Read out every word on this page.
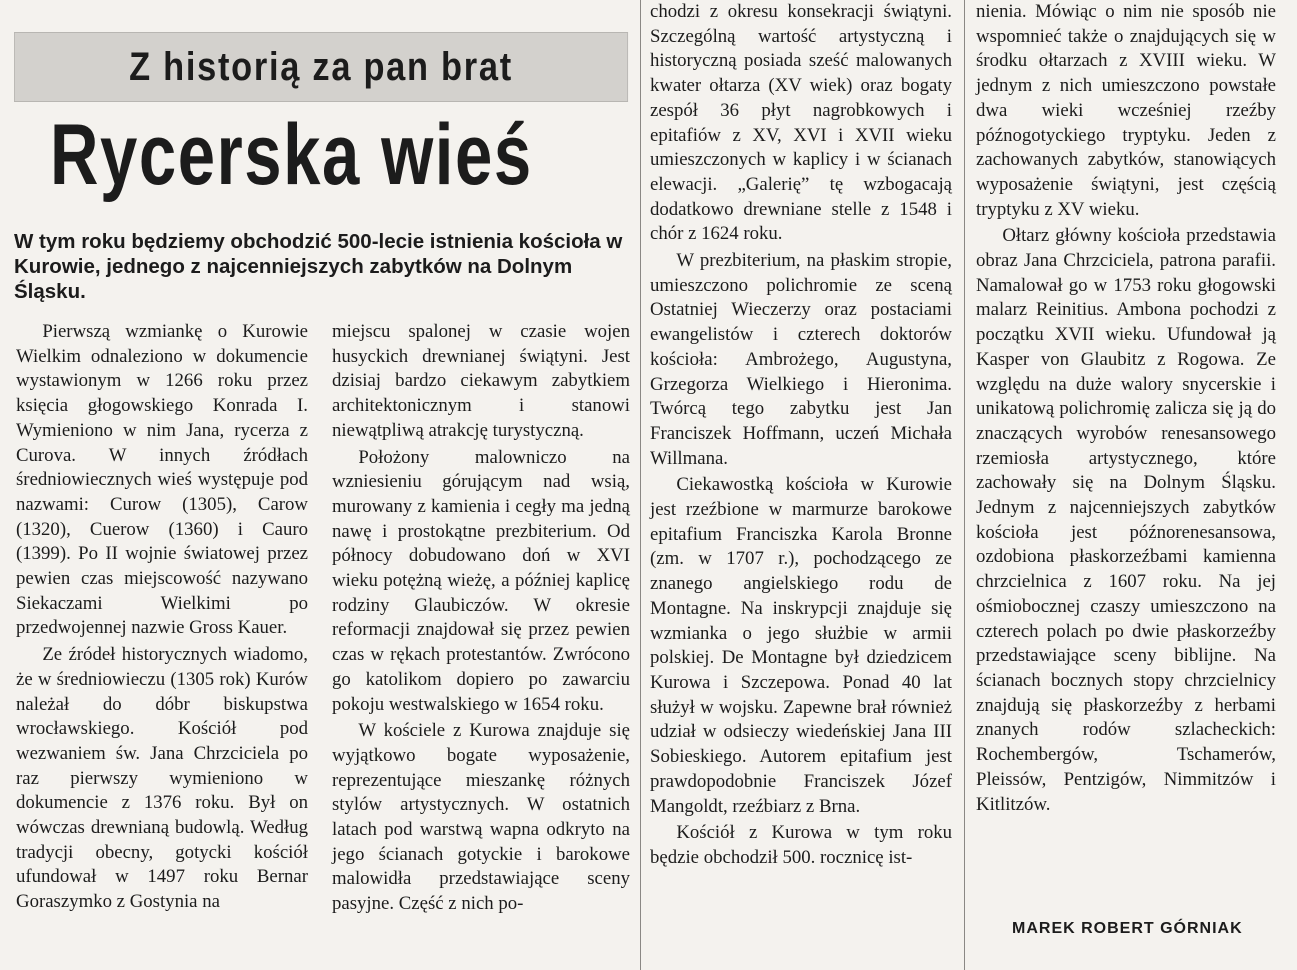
Z historią za pan brat
Rycerska wieś
W tym roku będziemy obchodzić 500-lecie istnienia kościoła w Kurowie, jednego z najcenniejszych zabytków na Dolnym Śląsku.

Pierwszą wzmiankę o Kurowie Wielkim odnaleziono w dokumencie wystawionym w 1266 roku przez księcia głogowskiego Konrada I. Wymieniono w nim Jana, rycerza z Curova. W innych źródłach średniowiecznych wieś występuje pod nazwami: Curow (1305), Carow (1320), Cuerow (1360) i Cauro (1399). Po II wojnie światowej przez pewien czas miejscowość nazywano Siekaczami Wielkimi po przedwojennej nazwie Gross Kauer.

Ze źródeł historycznych wiadomo, że w średniowieczu (1305 rok) Kurów należał do dóbr biskupstwa wrocławskiego. Kościół pod wezwaniem św. Jana Chrzciciela po raz pierwszy wymieniono w dokumencie z 1376 roku. Był on wówczas drewnianą budowlą. Według tradycji obecny, gotycki kościół ufundował w 1497 roku Bernar Goraszymko z Gostynia na

miejscu spalonej w czasie wojen husyckich drewnianej świątyni. Jest dzisiaj bardzo ciekawym zabytkiem architektonicznym i stanowi niewątpliwą atrakcję turystyczną.

Położony malowniczo na wzniesieniu górującym nad wsią, murowany z kamienia i cegły ma jedną nawę i prostokątne prezbiterium. Od północy dobudowano doń w XVI wieku potężną wieżę, a później kaplicę rodziny Glaubiczów. W okresie reformacji znajdował się przez pewien czas w rękach protestantów. Zwrócono go katolikom dopiero po zawarciu pokoju westwalskiego w 1654 roku.

W kościele z Kurowa znajduje się wyjątkowo bogate wyposażenie, reprezentujące mieszankę różnych stylów artystycznych. W ostatnich latach pod warstwą wapna odkryto na jego ścianach gotyckie i barokowe malowidła przedstawiające sceny pasyjne. Część z nich po-

chodzi z okresu konsekracji świątyni. Szczególną wartość artystyczną i historyczną posiada sześć malowanych kwater ołtarza (XV wiek) oraz bogaty zespół 36 płyt nagrobkowych i epitafiów z XV, XVI i XVII wieku umieszczonych w kaplicy i w ścianach elewacji. „Galerię” tę wzbogacają dodatkowo drewniane stelle z 1548 i chór z 1624 roku.

W prezbiterium, na płaskim stropie, umieszczono polichromie ze sceną Ostatniej Wieczerzy oraz postaciami ewangelistów i czterech doktorów kościoła: Ambrożego, Augustyna, Grzegorza Wielkiego i Hieronima. Twórcą tego zabytku jest Jan Franciszek Hoffmann, uczeń Michała Willmana.

Ciekawostką kościoła w Kurowie jest rzeźbione w marmurze barokowe epitafium Franciszka Karola Bronne (zm. w 1707 r.), pochodzącego ze znanego angielskiego rodu de Montagne. Na inskrypcji znajduje się wzmianka o jego służbie w armii polskiej. De Montagne był dziedzicem Kurowa i Szczepowa. Ponad 40 lat służył w wojsku. Zapewne brał również udział w odsieczy wiedeńskiej Jana III Sobieskiego. Autorem epitafium jest prawdopodobnie Franciszek Józef Mangoldt, rzeźbiarz z Brna.

Kościół z Kurowa w tym roku będzie obchodził 500. rocznicę ist-

nienia. Mówiąc o nim nie sposób nie wspomnieć także o znajdujących się w środku ołtarzach z XVIII wieku. W jednym z nich umieszczono powstałe dwa wieki wcześniej rzeźby późnogotyckiego tryptyku. Jeden z zachowanych zabytków, stanowiących wyposażenie świątyni, jest częścią tryptyku z XV wieku.

Ołtarz główny kościoła przedstawia obraz Jana Chrzciciela, patrona parafii. Namalował go w 1753 roku głogowski malarz Reinitius. Ambona pochodzi z początku XVII wieku. Ufundował ją Kasper von Glaubitz z Rogowa. Ze względu na duże walory snycerskie i unikatową polichromię zalicza się ją do znaczących wyrobów renesansowego rzemiosła artystycznego, które zachowały się na Dolnym Śląsku. Jednym z najcenniejszych zabytków kościoła jest późnorenesansowa, ozdobiona płaskorzeźbami kamienna chrzcielnica z 1607 roku. Na jej ośmiobocznej czaszy umieszczono na czterech polach po dwie płaskorzeźby przedstawiające sceny biblijne. Na ścianach bocznych stopy chrzcielnicy znajdują się płaskorzeźby z herbami znanych rodów szlacheckich: Rochembergów, Tschamerów, Pleissów, Pentzigów, Nimmitzów i Kitlitzów.

MAREK ROBERT GÓRNIAK
